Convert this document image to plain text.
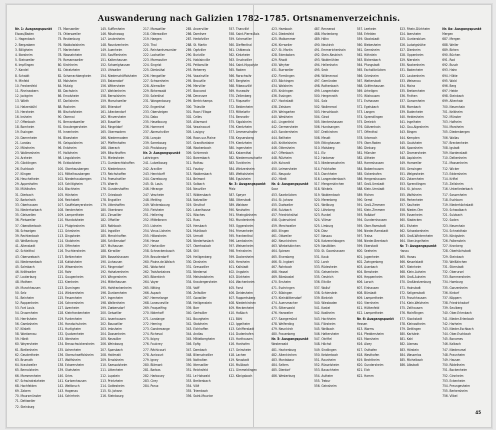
Auswanderung nach Galizien 1782–1785. Ortsnamenverzeichnis.
Nr. 1: Ausgangspunkt
Elsass/Baden
1. Hagenbach
2. Bergzabern
3. Billigheim
4. Ilbesheim
5. Steinweiler
6. Impflingen
7. Kandel
8. Schaidt
9. Minfeld
10. Freckenfeld
11. Rheinzabern
12. Jockgrim
13. Wörth
14. Hatzenbühl
15. Herxheim
16. Insheim
17. Offenbach
18. Bornheim
19. Essingen
20. Dammheim
21. Landau
22. Mörzheim
23. Wollmesheim
24. Arzheim
25. Göcklingen
26. Eschbach
27. Klingen
28. Heuchelheim
29. Appenhofen
30. Mühlhofen
31. Dierbach
32. Barbelroth
33. Oberhausen
34. Niederhorbach
35. Gleiszellen
36. Pleisweiler
37. Oberotterbach
38. Schweigen
39. Rechtenbach
40. Weißenburg
41. Altenstadt
42. Schleithal
43. Oberseebach
44. Niederseebach
45. Salmbach
46. Kröttweiler
47. Lauterburg
48. Mothern
49. Munchhausen
50. Selz
51. Beinheim
52. Roppenheim
53. Fort Louis
54. Drusenheim
55. Herrlisheim
56. Gambsheim
57. Kilstett
58. Wantzenau
59. Hördt
60. Weyersheim
61. Bietlenheim
62. Geudertheim
63. Brumath
64. Krautweiler
65. Bernolsheim
66. Mommenheim
67. Schwindratzheim
68. Hochfelden
69. Zabern
70. Maursmünster
71. Dettweiler
72. Steinburg
73. Monsweiler
74. Ottersweiler
75. Reutenburg
76. Waldolwisheim
77. Marlenheim
78. Wasselnheim
79. Romansweiler
80. Kirchheim
81. Odratzheim
82. Scharrachbergheim
83. Molsheim
84. Mutzig
85. Dachstein
86. Ernolsheim
87. Dorlisheim
88. Rosheim
89. Bischofsheim
90. Obernai
91. Bernardsweiler
92. Krautergersheim
93. Innenheim
94. Blaesheim
95. Geispolsheim
96. Entzheim
97. Holtzheim
98. Lingolsheim
99. Eckbolsheim
100. Oberhausbergen
101. Mittelhausbergen
102. Niederhausbergen
103. Schiltigheim
104. Bischheim
105. Hönheim
106. Reichstett
107. Souffelweyersheim
108. Vendenheim
109. Lampertheim
110. Mundolsheim
111. Pfulgriesheim
112. Griesheim
113. Dingsheim
114. Stutzheim
115. Offenheim
116. Truchtersheim
117. Behlenheim
118. Kuttolsheim
119. Wiwersheim
120. Rohr
121. Gougenheim
122. Kienheim
123. Durningen
124. Wintzenheim
125. Fessenheim
126. Schnersheim
127. Avenheim
128. Kleinfrankenheim
129. Furdenheim
130. Handschuheim
131. Hurtigheim
132. Quatzenheim
133. Ittenheim
134. Breuschwickersheim
135. Achenheim
136. Oberschaeffolsheim
137. Wolfisheim
138. Eckwersheim
139. Olwisheim
140. Gries
141. Kurtzenhausen
142. Weitbruch
143. Hagenau
144. Schirrhein
145. Sufflenheim
146. Röschwoog
147. Leutenheim
148. Rountzenheim
149. Auenheim
150. Soufflenheim
151. Kaltenhausen
152. Schweighausen
153. Uhlweiler
154. Niederschäffolsheim
155. Batzendorf
156. Wittersheim
157. Wahlenheim
158. Bernolsheim
159. Morschweiler
160. Ettendorf
161. Alteckendorf
162. Minversheim
163. Buswiller
164. Ringeldorf
165. Obermodern
166. Niedermodern
167. Pfaffenhofen
168. Uberach
169. Bitschhoffen
170. Mietesheim
171. Gumbrechtshoffen
172. Niederbronn
173. Reichshoffen
174. Frœschwiller
175. Wœrth
176. Gundershoffen
177. Griesbach
178. Engwiller
179. Uttenhoffen
180. Oberbronn
181. Zinswiller
182. Offwiller
183. Rothbach
184. Ingwiller
185. Menchhoffen
186. Schillersdorf
187. Mulhausen
188. Kirrwiller
189. Bosselshausen
190. Lixhausen
191. Ringendorf
192. Hohatzenheim
193. Wingersheim
194. Mittelhausen
195. Hohfrankenheim
196. Duntzenheim
197. Ingenheim
198. Waltenheim
199. Zœbersdorf
200. Geiswiller
201. Issenhausen
202. Bouxwiller
203. Imbsheim
204. Dossenheim
205. Neuwiller
206. Weinbourg
207. Sparsbach
208. Hattmatt
209. Ernolsheim
210. Saessolsheim
211. Littenheim
212. Lupstein
213. Printzheim
214. Gottesheim
215. St. Johann
216. Steinbourg
217. Monswiller
218. Otterswiller
219. Haegen
220. Thal
221. Reinhardsmunster
222. Lochwiller
223. Marmoutier
224. Singrist
225. Dimbsthal
226. Hengwiller
227. Schwenheim
228. Allenwiller
229. Birkenwald
230. Salenthal
231. Wangenbourg
232. Engenthal
233. Obersteigen
234. Dabo
235. Haselbourg
236. Hommert
237. Abreschviller
238. Lorquin
239. Sarrebourg
240. Phalsbourg
Nr. 2: Ausgangspunkt
Lothringen
241. Lutzelbourg
242. Arzviller
243. Henridorff
244. Garrebourg
245. St. Louis
246. Hérange
247. Vescheim
248. Metting
249. Wintersbourg
250. Fleisheim
251. Hellering
252. Mittelbronn
253. Lixheim
254. Vieux-Lixheim
255. Hilbesheim
256. Hesse
257. Hartzviller
258. Schneckenbusch
259. Brouderdorff
260. Plaine-de-Walsch
261. Walscheid
262. Troisfontaines
263. Biberkirch
264. Voyer
265. Nitting
266. Aspach
267. Hermelange
268. Laneuveville
269. Fraquelfing
270. Niderhoff
271. Landange
272. Heming
273. Gondrexange
274. Richeval
275. Ibigny
276. Foulcrey
277. Réchicourt
278. Avricourt
279. Igney
280. Blâmont
281. Barbas
282. Harbouey
283. Cirey
284. Parux
285. Ancerviller
286. Domèvre
287. Herbéviller
288. St. Martin
289. Ogéviller
290. Buriville
291. Hablainville
292. Pettonville
293. Reherrey
294. Vaxainville
295. Brouville
296. Merviller
297. Baccarat
298. Deneuvre
299. Bertrichamps
300. Thiaville
301. Raon l'Etape
302. Celles
303. Allarmont
304. Vexaincourt
305. Luvigny
306. Raon-sur-Plaine
307. Grandfontaine
308. Wackenbach
309. Schirmeck
310. Barembach
311. Rothau
312. Fouday
313. Waldersbach
314. Belmont
315. Solbach
316. Neuviller
317. Wildersbach
318. Natzwiller
319. Struthof
320. Lutzelhouse
321. Wisches
322. Russ
323. Hersbach
324. Muhlbach
325. Urmatt
326. Niederhaslach
327. Oberhaslach
328. Still
329. Heiligenberg
330. Dinsheim
331. Gresswiller
332. Niedernai
333. Meistratzheim
334. Krautergersheim
335. Valff
336. Zellwiller
337. Goxwiller
338. Heiligenstein
339. Barr
340. Gertwiller
341. Bourgheim
342. Stotzheim
343. Eichhoffen
344. Andlau
345. Mittelbergheim
346. Epfig
347. Dambach
348. Blienschwiller
349. Nothalten
350. Itterswiller
351. Reichsfeld
352. Le Hohwald
353. Breitenbach
354. Villé
355. Triembach
356. Saint-Maurice
357. Thanvillé
358. Saint-Pierre-Bois
359. Scherwiller
360. Dieffenthal
361. Châtenois
362. Kintzheim
363. Orschwiller
364. Saint-Hippolyte
365. Rodern
366. Rorschwihr
367. Bergheim
368. Ribeauvillé
369. Hunawihr
370. Zellenberg
371. Riquewihr
372. Beblenheim
373. Mittelwihr
374. Bennwihr
375. Sigolsheim
376. Kientzheim
377. Ammerschwihr
378. Kaysersberg
379. Kientzheim
380. Ingersheim
381. Katzenthal
382. Niedermorschwihr
383. Turckheim
384. Wintzenheim
385. Wettolsheim
386. Eguisheim
Nr. 3: Ausgangspunkt
Pfalz
387. Speyer
388. Otterstadt
389. Waldsee
390. Neuhofen
391. Rheingönheim
392. Mundenheim
393. Oggersheim
394. Friesenheim
395. Frankenthal
396. Lambsheim
397. Weisenheim
398. Freinsheim
399. Dackenheim
400. Herxheim
401. Kallstadt
402. Ungstein
403. Dürkheim
404. Wachenheim
405. Forst
406. Deidesheim
407. Ruppertsberg
408. Niederkirchen
409. Meckenheim
410. Haßloch
411. Böhl
412. Iggelheim
413. Schifferstadt
414. Dudenhofen
415. Harthausen
416. Hanhofen
417. Geinsheim
418. Lachen
419. Neustadt
420. Mußbach
421. Gimmeldingen
422. Königsbach
423. Hambach
424. Diedesfeld
425. Maikammer
426. Kirrweiler
427. St. Martin
428. Edenkoben
429. Rhodt
430. Weyher
431. Burrweiler
432. Flemlingen
433. Böchingen
434. Walsheim
435. Knöringen
436. Essingen
437. Hochstadt
438. Zeiskam
439. Weingarten
440. Westheim
441. Lingenfeld
442. Germersheim
443. Sondernheim
444. Bellheim
445. Knittelsheim
446. Ottersheim
447. Offenbach
448. Rülzheim
449. Kuhardt
450. Leimersheim
451. Neupotz
452. Hördt
Nr. 4: Ausgangspunkt
Saar
453. Saarbrücken
454. St. Johann
455. Dudweiler
456. Sulzbach
457. Friedrichsthal
458. Quierschied
459. Merchweiler
460. Illingen
461. Ottweiler
462. Neunkirchen
463. Wiebelskirchen
464. Spiesen
465. Elversberg
466. St. Ingbert
467. Rohrbach
468. Hassel
469. Blieskastel
470. Ensheim
471. Eschringen
472. Bübingen
473. Kleinblittersdorf
474. Auersmacher
475. Sitterswald
476. Hanweiler
477. Saargemünd
478. Welferding
479. Neunkirch
480. Frauenberg
Nr. 5: Ausgangspunkt
Westerwald
481. Hachenburg
482. Altenkirchen
483. Montabaur
484. Selters
485. Dierdorf
486. Westerburg
487. Rennerod
488. Marienberg
489. Höhn
490. Neukirch
491. Emmerichenhain
492. Stein-Neukirch
493. Waldmühlen
494. Hellenhahn
495. Seck
496. Willmenrod
497. Gemünden
498. Rothenbach
499. Langenhahn
500. Hergenroth
501. Salz
502. Wallmerod
503. Herschbach
504. Girod
505. Nentershausen
506. Hundsangen
507. Dreikirchen
508. Meudt
509. Ettinghausen
510. Molsberg
511. Elz
512. Hadamar
513. Niederzeuzheim
514. Frickhofen
515. Dorchheim
516. Langendernbach
517. Mengerskirchen
518. Winkels
519. Waldernbach
520. Merenberg
521. Weilburg
522. Löhnberg
523. Runkel
524. Villmar
525. Limburg
526. Diez
527. Nassau
528. Katzenelnbogen
529. Nastätten
530. St. Goarshausen
531. Kaub
532. Lorch
533. Rüdesheim
534. Geisenheim
535. Oestrich
536. Eltville
537. Walluf
538. Schierstein
539. Biebrich
540. Wiesbaden
541. Kastel
542. Kostheim
543. Hochheim
544. Flörsheim
545. Weilbach
546. Hattersheim
547. Okriftel
548. Höchst
549. Sindlingen
550. Kelsterbach
551. Raunheim
552. Rüsselsheim
553. Bauschheim
554. Astheim
555. Trebur
556. Geinsheim
557. Leeheim
558. Erfelden
559. Stockstadt
560. Biebesheim
561. Gernsheim
562. Hähnlein
563. Bickenbach
564. Pfungstadt
565. Eschollbrücken
566. Griesheim
567. Weiterstadt
568. Gräfenhausen
569. Arheilgen
570. Wixhausen
571. Erzhausen
572. Egelsbach
573. Langen
574. Sprendlingen
575. Dreieich
576. Götzenhain
577. Offenthal
578. Urberach
579. Ober-Roden
580. Dieburg
581. Münster
582. Altheim
583. Harreshausen
584. Babenhausen
585. Sickenhofen
586. Hergershausen
587. Groß-Umstadt
588. Klein-Umstadt
589. Richen
590. Semd
591. Groß-Zimmern
592. Klein-Zimmern
593. Roßdorf
594. Gundernhausen
595. Ober-Ramstadt
596. Nieder-Ramstadt
597. Traisa
598. Nieder-Beerbach
599. Eberstadt
600. Seeheim
601. Jugenheim
602. Zwingenberg
603. Auerbach
604. Bensheim
605. Heppenheim
606. Lorsch
607. Einhausen
608. Bürstadt
609. Lampertheim
610. Viernheim
611. Hüttenfeld
612. Lampertheim
Nr. 6: Ausgangspunkt
Hessen
613. Worms
614. Pfeddersheim
615. Monsheim
616. Alzey
617. Osthofen
618. Westhofen
619. Bechtheim
620. Gundersheim
621. Eich
622. Hamm
623. Rhein-Dürkheim
624. Ibersheim
625. Guntersblum
626. Ludwigshöhe
627. Dienheim
628. Oppenheim
629. Nierstein
630. Nackenheim
631. Bodenheim
632. Laubenheim
633. Weisenau
634. Mainz
635. Bretzenheim
636. Finthen
637. Gonsenheim
638. Mombach
639. Budenheim
640. Heidesheim
641. Ingelheim
642. Gau-Algesheim
643. Bingen
644. Kempten
645. Gaulsheim
646. Sponsheim
647. Dromersheim
648. Aspisheim
649. Horrweiler
650. Gensingen
651. Welgesheim
652. Zotzenheim
653. Sprendlingen
654. St. Johann
655. Wolfsheim
656. Partenheim
657. Saulheim
658. Nieder-Olm
659. Essenheim
660. Stadecken
661. Elsheim
662. Schwabenheim
663. Groß-Winternheim
664. Ober-Ingelheim
Nr. 7: Ausgangspunkt
Hanau
665. Hanau
666. Kesselstadt
667. Steinheim
668. Klein-Auheim
669. Groß-Auheim
670. Großkrotzenburg
671. Hainstadt
672. Seligenstadt
673. Froschhausen
674. Klein-Welzheim
675. Zellhausen
676. Mainflingen
677. Stockstadt
678. Kleinostheim
679. Dettingen
680. Karlstein
681. Kahl
682. Alzenau
683. Hörstein
684. Wasserlos
685. Michelbach
686. Albstadt
Nr. 8a: Ausgangspunkt
Mergen
687. Mergen
688. Weiler
689. Birken
690. Büchen
691. Rod
692. Busch
693. Hahn
694. Hütte
695. Wald
696. Berg
697. Heide
698. Steinbach
699. Altenhain
700. Neuenhain
701. Kelkheim
702. Münster
703. Hofheim
704. Marxheim
705. Diedenbergen
706. Wallau
707. Breckenheim
708. Igstadt
709. Nordenstadt
710. Delkenheim
711. Massenheim
712. Wicker
713. Eddersheim
714. Kriftel
715. Zeilsheim
716. Unterliederbach
717. Sossenheim
718. Eschborn
719. Niederhöchstadt
720. Schwalbach
721. Sulzbach
722. Soden
723. Neuenhain
724. Schneidhain
725. Königstein
726. Falkenstein
727. Kronberg
728. Oberhöchstadt
729. Steinbach
730. Weißkirchen
731. Stierstadt
732. Oberursel
733. Bommersheim
734. Homburg
735. Gonzenheim
736. Kirdorf
737. Köppern
738. Friedrichsdorf
739. Seulberg
740. Ober-Erlenbach
741. Nieder-Erlenbach
742. Harheim
743. Nieder-Eschbach
744. Ober-Eschbach
745. Bonames
746. Kalbach
747. Niederursel
748. Praunheim
749. Hausen
750. Rödelheim
751. Bockenheim
752. Ginnheim
753. Eckenheim
754. Preungesheim
755. Berkersheim
756. Vilbel
45
